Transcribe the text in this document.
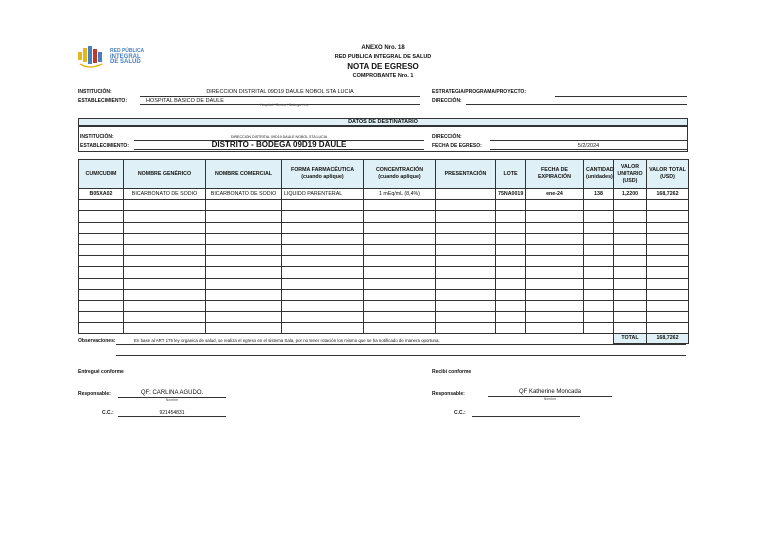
RED PÚBLICA
INTEGRAL
DE SALUD
ANEXO Nro. 18
RED PUBLICA INTEGRAL DE SALUD
NOTA DE EGRESO
COMPROBANTE Nro. 1
INSTITUCIÓN:	DIRECCION DISTRITAL 09D19 DAULE NOBOL STA LUCIA
ESTABLECIMIENTO:	HOSPITAL BASICO DE DAULE
Hospital / Centro / Bodega / etc
ESTRATEGIA/PROGRAMA/PROYECTO:
DIRECCIÓN:
DATOS DE DESTINATARIO
INSTITUCIÓN:	DIRECCION DISTRITAL 09D19 DAULE NOBOL STA LUCIA
ESTABLECIMIENTO:	DISTRITO - BODEGA 09D19 DAULE
DIRECCIÓN:
FECHA DE EGRESO:	5/2/2024
CUM/CUDIM	NOMBRE GENÉRICO	NOMBRE COMERCIAL	FORMA FARMACÉUTICA (cuando aplique)	CONCENTRACIÓN (cuando aplique)	PRESENTACIÓN	LOTE	FECHA DE EXPIRACIÓN	CANTIDAD (unidades)	VALOR UNITARIO (USD)	VALOR TOTAL (USD)
B05XA02	BICARBONATO DE SODIO	BICARBONATO DE SODIO	LIQUIDO PARENTERAL	1 mEq/mL (8,4%)		75NA0019	ene-24	138	1,2200	168,7262

									TOTAL	168,7262
Observaciones:	En base al ART 175 ley organica de salud, se realiza el egreso en el sistema Sala, por no tener rotación los mismo que se ha notificado de manera oportuna.
Entregué conforme	Recibí conforme
Responsable:	QF: CARLINA AGUDO.
Nombre
Responsable:	QF Katherine Moncada
Nombre
C.C.:	921454831	C.C.:
